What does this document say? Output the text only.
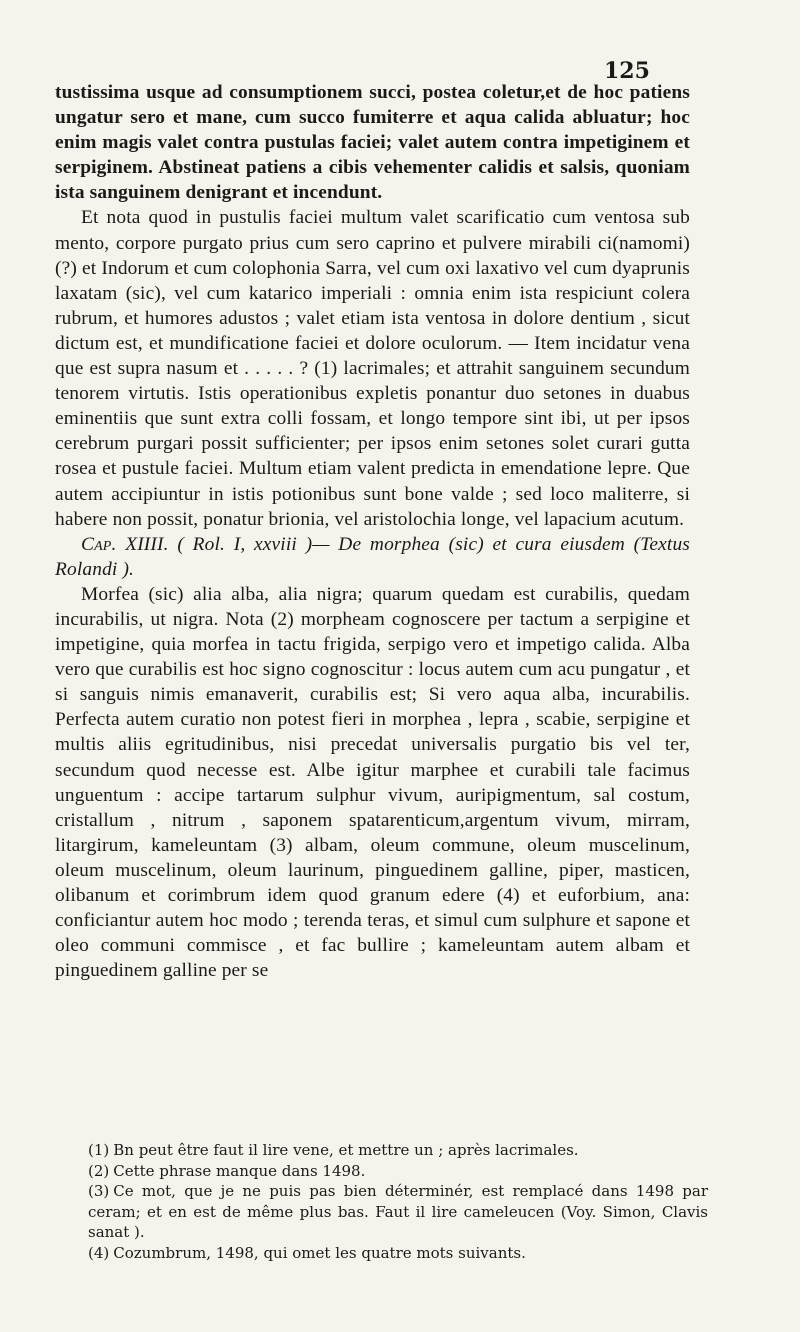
125

tustissima usque ad consumptionem succi, postea coletur,et de hoc patiens ungatur sero et mane, cum succo fumiterre et aqua calida abluatur; hoc enim magis valet contra pustulas faciei; valet autem contra impetiginem et serpiginem. Abstineat patiens a cibis vehementer calidis et salsis, quoniam ista sanguinem denigrant et incendunt.

Et nota quod in pustulis faciei multum valet scarificatio cum ventosa sub mento, corpore purgato prius cum sero caprino et pulvere mirabili ci(namomi) (?) et Indorum et cum colophonia Sarra, vel cum oxi laxativo vel cum dyaprunis laxatam (sic), vel cum katarico imperiali : omnia enim ista respiciunt colera rubrum, et humores adustos ; valet etiam ista ventosa in dolore dentium , sicut dictum est, et mundificatione faciei et dolore oculorum. — Item incidatur vena que est supra nasum et . . . . . ? (1) lacrimales; et attrahit sanguinem secundum tenorem virtutis. Istis operationibus expletis ponantur duo setones in duabus eminentiis que sunt extra colli fossam, et longo tempore sint ibi, ut per ipsos cerebrum purgari possit sufficienter; per ipsos enim setones solet curari gutta rosea et pustule faciei. Multum etiam valent predicta in emendatione lepre. Que autem accipiuntur in istis potionibus sunt bone valde ; sed loco maliterre, si habere non possit, ponatur brionia, vel aristolochia longe, vel lapacium acutum.

Cap. XIIII. ( Rol. I, xxviii )— De morphea (sic) et cura eiusdem (Textus Rolandi ).

Morfea (sic) alia alba, alia nigra; quarum quedam est curabilis, quedam incurabilis, ut nigra. Nota (2) morpheam cognoscere per tactum a serpigine et impetigine, quia morfea in tactu frigida, serpigo vero et impetigo calida. Alba vero que curabilis est hoc signo cognoscitur : locus autem cum acu pungatur , et si sanguis nimis emanaverit, curabilis est; Si vero aqua alba, incurabilis. Perfecta autem curatio non potest fieri in morphea , lepra , scabie, serpigine et multis aliis egritudinibus, nisi precedat universalis purgatio bis vel ter, secundum quod necesse est. Albe igitur marphee et curabili tale facimus unguentum : accipe tartarum sulphur vivum, auripigmentum, sal costum, cristallum , nitrum , saponem spatarenticum,argentum vivum, mirram, litargirum, kameleuntam (3) albam, oleum commune, oleum muscelinum, oleum muscelinum, oleum laurinum, pinguedinem galline, piper, masticen, olibanum et corimbrum idem quod granum edere (4) et euforbium, ana: conficiantur autem hoc modo ; terenda teras, et simul cum sulphure et sapone et oleo communi commisce , et fac bullire ; kameleuntam autem albam et pinguedinem galline per se

(1) Bn peut être faut il lire vene, et mettre un ; après lacrimales.

(2) Cette phrase manque dans 1498.

(3) Ce mot, que je ne puis pas bien déterminér, est remplacé dans 1498 par ceram; et en est de même plus bas. Faut il lire cameleucen (Voy. Simon, Clavis sanat ).

(4) Cozumbrum, 1498, qui omet les quatre mots suivants.
